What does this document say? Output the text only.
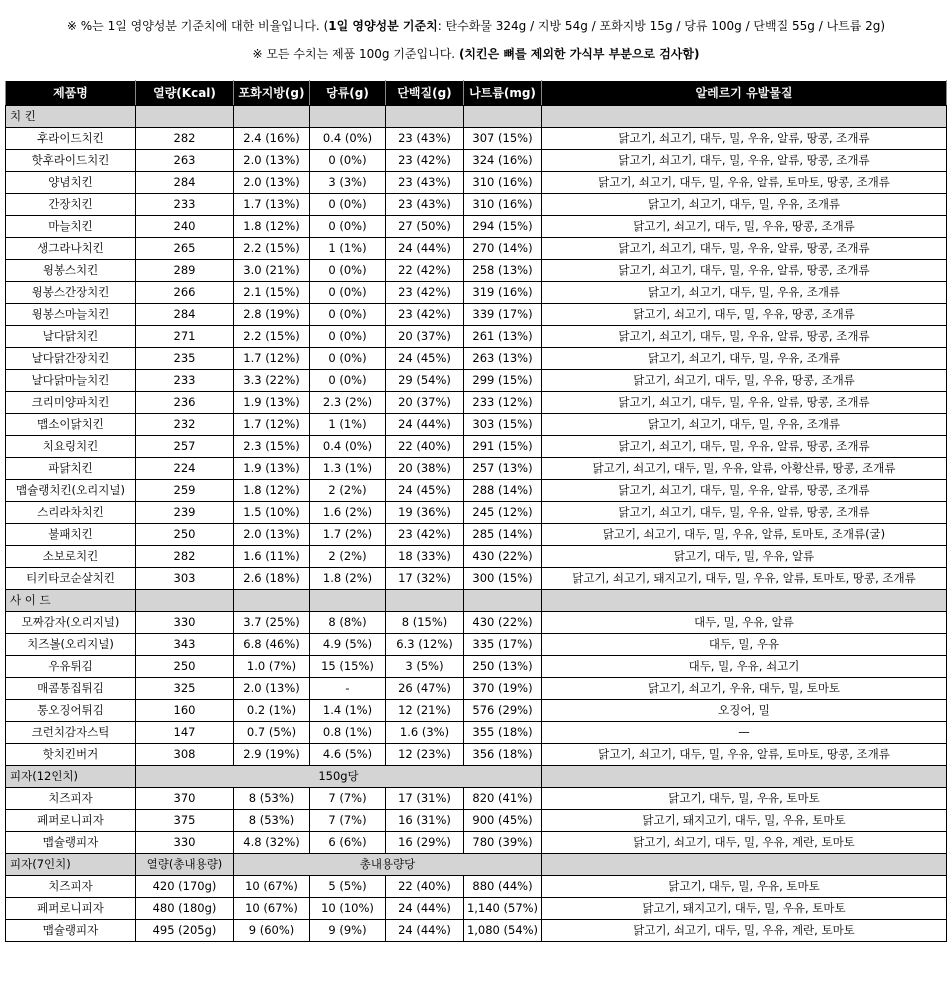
※ %는 1일 영양성분 기준치에 대한 비율입니다. (1일 영양성분 기준치: 탄수화물 324g / 지방 54g / 포화지방 15g / 당류 100g / 단백질 55g / 나트륨 2g)
※ 모든 수치는 제품 100g 기준입니다. (치킨은 뼈를 제외한 가식부 부분으로 검사함)
제품명	열량(Kcal)	포화지방(g)	당류(g)	단백질(g)	나트륨(mg)	알레르기 유발물질
치 킨						
후라이드치킨	282	2.4 (16%)	0.4 (0%)	23 (43%)	307 (15%)	닭고기, 쇠고기, 대두, 밀, 우유, 알류, 땅콩, 조개류
핫후라이드치킨	263	2.0 (13%)	0 (0%)	23 (42%)	324 (16%)	닭고기, 쇠고기, 대두, 밀, 우유, 알류, 땅콩, 조개류
양념치킨	284	2.0 (13%)	3 (3%)	23 (43%)	310 (16%)	닭고기, 쇠고기, 대두, 밀, 우유, 알류, 토마토, 땅콩, 조개류
간장치킨	233	1.7 (13%)	0 (0%)	23 (43%)	310 (16%)	닭고기, 쇠고기, 대두, 밀, 우유, 조개류
마늘치킨	240	1.8 (12%)	0 (0%)	27 (50%)	294 (15%)	닭고기, 쇠고기, 대두, 밀, 우유, 땅콩, 조개류
생그라나치킨	265	2.2 (15%)	1 (1%)	24 (44%)	270 (14%)	닭고기, 쇠고기, 대두, 밀, 우유, 알류, 땅콩, 조개류
윙봉스치킨	289	3.0 (21%)	0 (0%)	22 (42%)	258 (13%)	닭고기, 쇠고기, 대두, 밀, 우유, 알류, 땅콩, 조개류
윙봉스간장치킨	266	2.1 (15%)	0 (0%)	23 (42%)	319 (16%)	닭고기, 쇠고기, 대두, 밀, 우유, 조개류
윙봉스마늘치킨	284	2.8 (19%)	0 (0%)	23 (42%)	339 (17%)	닭고기, 쇠고기, 대두, 밀, 우유, 땅콩, 조개류
날다닭치킨	271	2.2 (15%)	0 (0%)	20 (37%)	261 (13%)	닭고기, 쇠고기, 대두, 밀, 우유, 알류, 땅콩, 조개류
날다닭간장치킨	235	1.7 (12%)	0 (0%)	24 (45%)	263 (13%)	닭고기, 쇠고기, 대두, 밀, 우유, 조개류
날다닭마늘치킨	233	3.3 (22%)	0 (0%)	29 (54%)	299 (15%)	닭고기, 쇠고기, 대두, 밀, 우유, 땅콩, 조개류
크리미양파치킨	236	1.9 (13%)	2.3 (2%)	20 (37%)	233 (12%)	닭고기, 쇠고기, 대두, 밀, 우유, 알류, 땅콩, 조개류
맵소이닭치킨	232	1.7 (12%)	1 (1%)	24 (44%)	303 (15%)	닭고기, 쇠고기, 대두, 밀, 우유, 조개류
치요링치킨	257	2.3 (15%)	0.4 (0%)	22 (40%)	291 (15%)	닭고기, 쇠고기, 대두, 밀, 우유, 알류, 땅콩, 조개류
파닭치킨	224	1.9 (13%)	1.3 (1%)	20 (38%)	257 (13%)	닭고기, 쇠고기, 대두, 밀, 우유, 알류, 아황산류, 땅콩, 조개류
맵슐랭치킨(오리지널)	259	1.8 (12%)	2 (2%)	24 (45%)	288 (14%)	닭고기, 쇠고기, 대두, 밀, 우유, 알류, 땅콩, 조개류
스리라차치킨	239	1.5 (10%)	1.6 (2%)	19 (36%)	245 (12%)	닭고기, 쇠고기, 대두, 밀, 우유, 알류, 땅콩, 조개류
불패치킨	250	2.0 (13%)	1.7 (2%)	23 (42%)	285 (14%)	닭고기, 쇠고기, 대두, 밀, 우유, 알류, 토마토, 조개류(굴)
소보로치킨	282	1.6 (11%)	2 (2%)	18 (33%)	430 (22%)	닭고기, 대두, 밀, 우유, 알류
티키타코순살치킨	303	2.6 (18%)	1.8 (2%)	17 (32%)	300 (15%)	닭고기, 쇠고기, 돼지고기, 대두, 밀, 우유, 알류, 토마토, 땅콩, 조개류
사 이 드						
모짜감자(오리지널)	330	3.7 (25%)	8 (8%)	8 (15%)	430 (22%)	대두, 밀, 우유, 알류
치즈볼(오리지널)	343	6.8 (46%)	4.9 (5%)	6.3 (12%)	335 (17%)	대두, 밀, 우유
우유튀김	250	1.0 (7%)	15 (15%)	3 (5%)	250 (13%)	대두, 밀, 우유, 쇠고기
매콤통집튀김	325	2.0 (13%)	-	26 (47%)	370 (19%)	닭고기, 쇠고기, 우유, 대두, 밀, 토마토
통오징어튀김	160	0.2 (1%)	1.4 (1%)	12 (21%)	576 (29%)	오징어, 밀
크런치감자스틱	147	0.7 (5%)	0.8 (1%)	1.6 (3%)	355 (18%)	—
핫치킨버거	308	2.9 (19%)	4.6 (5%)	12 (23%)	356 (18%)	닭고기, 쇠고기, 대두, 밀, 우유, 알류, 토마토, 땅콩, 조개류
피자(12인치)	150g당					
치즈피자	370	8 (53%)	7 (7%)	17 (31%)	820 (41%)	닭고기, 대두, 밀, 우유, 토마토
페퍼로니피자	375	8 (53%)	7 (7%)	16 (31%)	900 (45%)	닭고기, 돼지고기, 대두, 밀, 우유, 토마토
맵슐랭피자	330	4.8 (32%)	6 (6%)	16 (29%)	780 (39%)	닭고기, 쇠고기, 대두, 밀, 우유, 계란, 토마토
피자(7인치)	열량(총내용량)	총내용량당				
치즈피자	420 (170g)	10 (67%)	5 (5%)	22 (40%)	880 (44%)	닭고기, 대두, 밀, 우유, 토마토
페퍼로니피자	480 (180g)	10 (67%)	10 (10%)	24 (44%)	1,140 (57%)	닭고기, 돼지고기, 대두, 밀, 우유, 토마토
맵슐랭피자	495 (205g)	9 (60%)	9 (9%)	24 (44%)	1,080 (54%)	닭고기, 쇠고기, 대두, 밀, 우유, 계란, 토마토
